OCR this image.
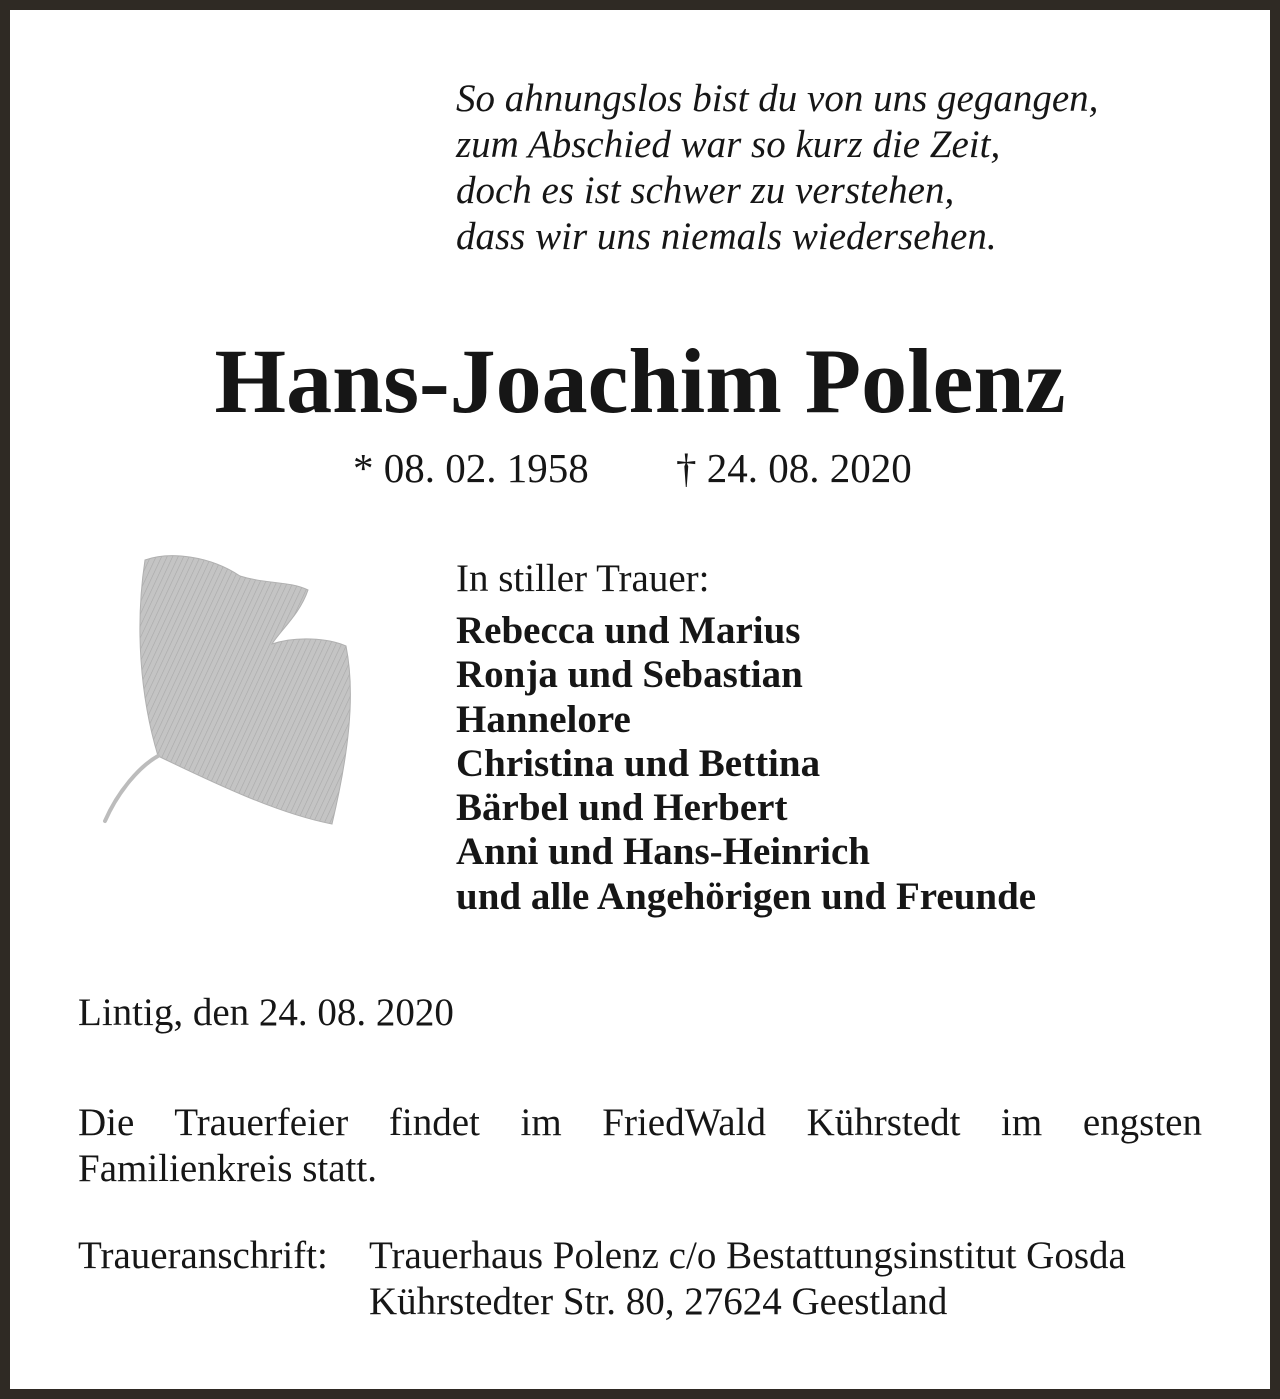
So ahnungslos bist du von uns gegangen,
zum Abschied war so kurz die Zeit,
doch es ist schwer zu verstehen,
dass wir uns niemals wiedersehen.
Hans-Joachim Polenz
* 08. 02. 1958 † 24. 08. 2020
In stiller Trauer:
Rebecca und Marius
Ronja und Sebastian
Hannelore
Christina und Bettina
Bärbel und Herbert
Anni und Hans-Heinrich
und alle Angehörigen und Freunde
Lintig, den 24. 08. 2020
Die Trauerfeier findet im FriedWald Kührstedt im engsten Familienkreis statt.
Traueranschrift: Trauerhaus Polenz c/o Bestattungsinstitut Gosda
Kührstedter Str. 80, 27624 Geestland
